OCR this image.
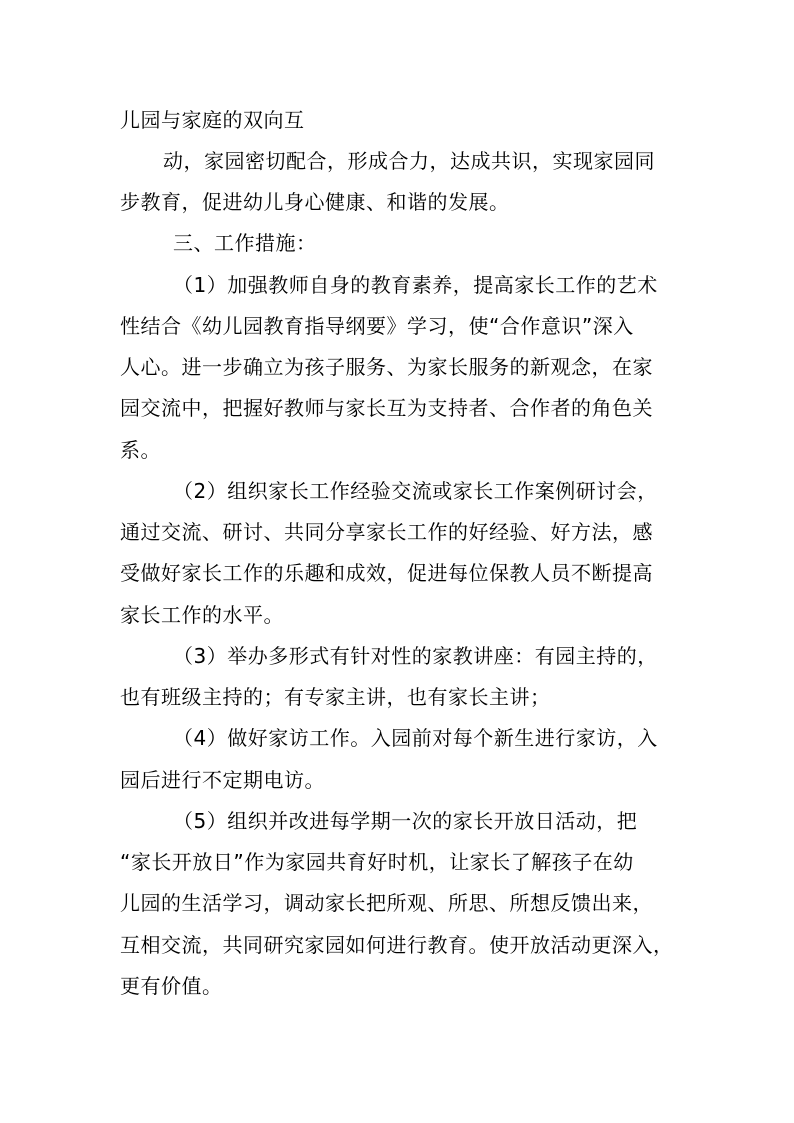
儿园与家庭的双向互
动，家园密切配合，形成合力，达成共识，实现家园同
步教育，促进幼儿身心健康、和谐的发展。
三、工作措施：
（1）加强教师自身的教育素养，提高家长工作的艺术
性结合《幼儿园教育指导纲要》学习，使“合作意识”深入
人心。进一步确立为孩子服务、为家长服务的新观念，在家
园交流中，把握好教师与家长互为支持者、合作者的角色关
系。
（2）组织家长工作经验交流或家长工作案例研讨会，
通过交流、研讨、共同分享家长工作的好经验、好方法，感
受做好家长工作的乐趣和成效，促进每位保教人员不断提高
家长工作的水平。
（3）举办多形式有针对性的家教讲座：有园主持的，
也有班级主持的；有专家主讲，也有家长主讲；
（4）做好家访工作。入园前对每个新生进行家访，入
园后进行不定期电访。
（5）组织并改进每学期一次的家长开放日活动，把
“家长开放日”作为家园共育好时机，让家长了解孩子在幼
儿园的生活学习，调动家长把所观、所思、所想反馈出来，
互相交流，共同研究家园如何进行教育。使开放活动更深入，
更有价值。
